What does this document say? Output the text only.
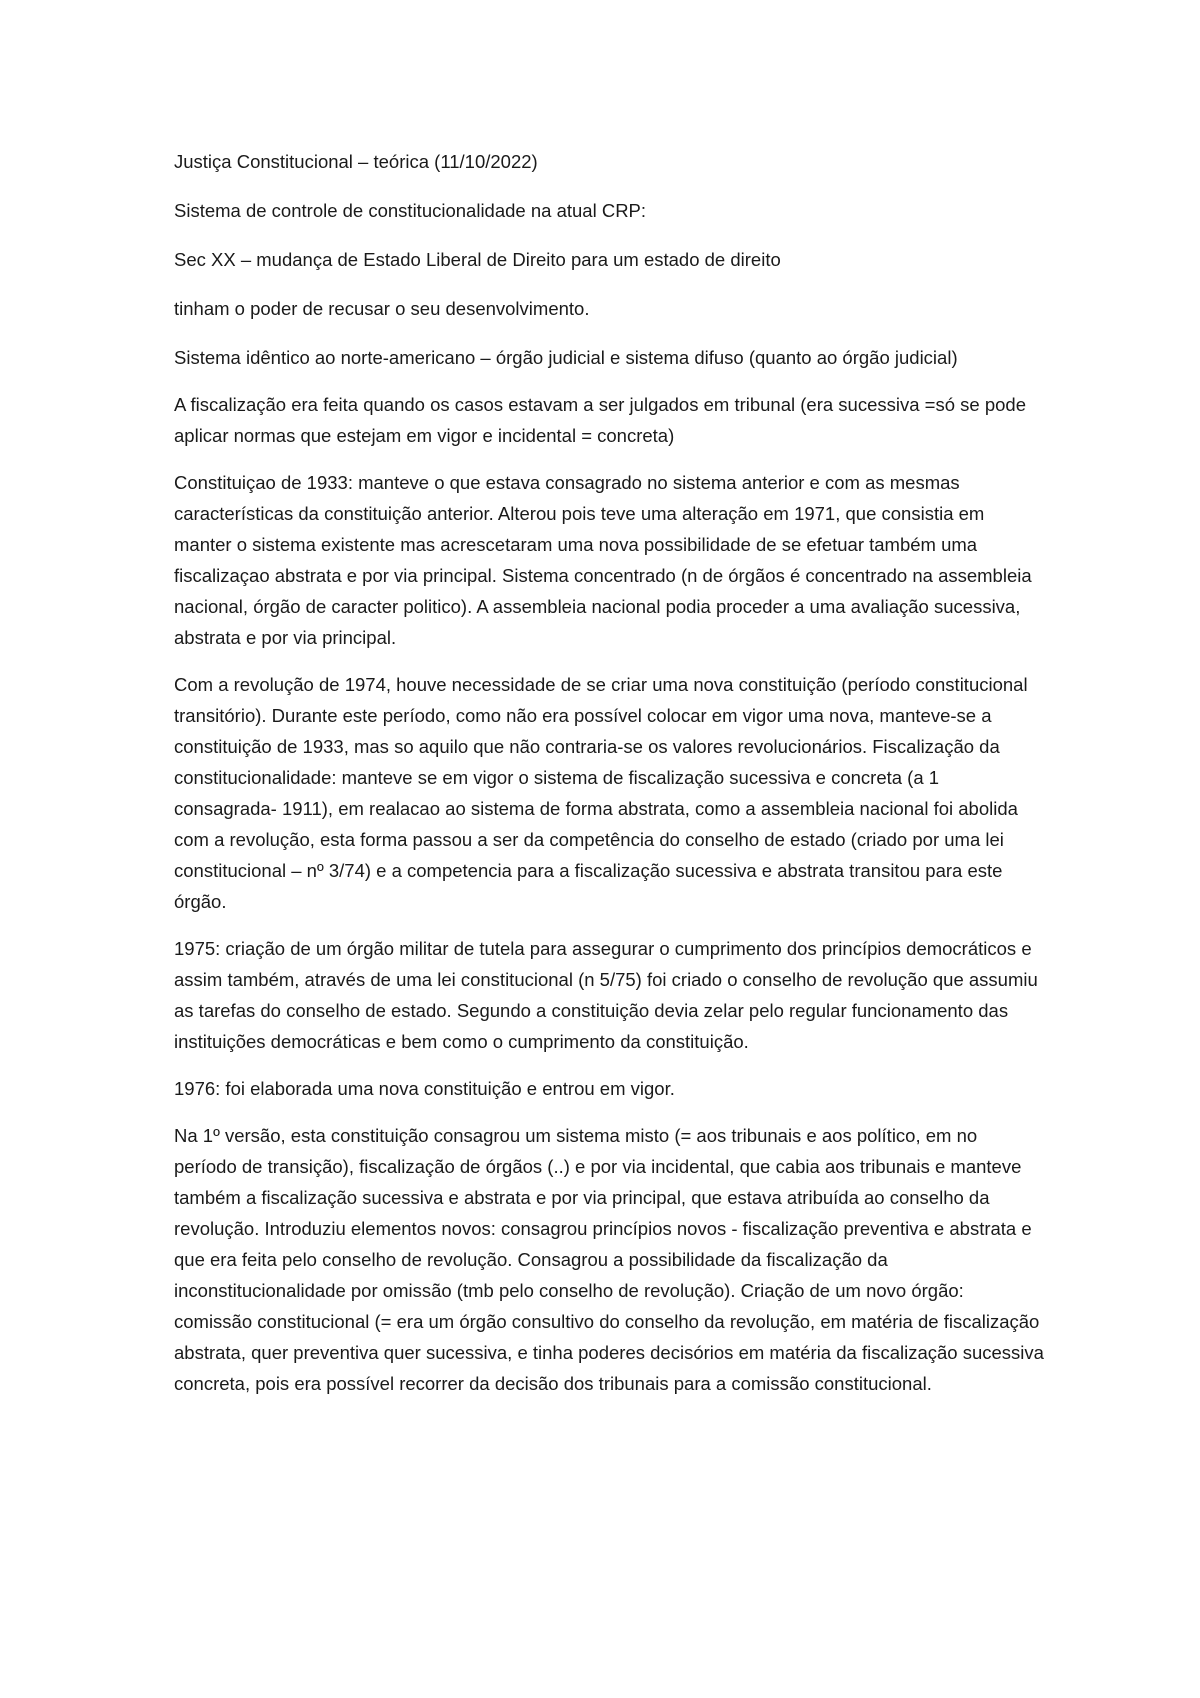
Justiça Constitucional – teórica (11/10/2022)

Sistema de controle de constitucionalidade na atual CRP:

Sec XX – mudança de Estado Liberal de Direito para um estado de direito

tinham o poder de recusar o seu desenvolvimento.

Sistema idêntico ao norte-americano – órgão judicial e sistema difuso (quanto ao órgão judicial)

A fiscalização era feita quando os casos estavam a ser julgados em tribunal (era sucessiva =só se pode aplicar normas que estejam em vigor e incidental = concreta)

Constituiçao de 1933: manteve o que estava consagrado no sistema anterior e com as mesmas características da constituição anterior. Alterou pois teve uma alteração em 1971, que consistia em manter o sistema existente mas acrescetaram uma nova possibilidade de se efetuar também uma fiscalizaçao abstrata e por via principal. Sistema concentrado (n de órgãos é concentrado na assembleia nacional, órgão de caracter politico). A assembleia nacional podia proceder a uma avaliação sucessiva, abstrata e por via principal.

Com a revolução de 1974, houve necessidade de se criar uma nova constituição (período constitucional transitório). Durante este período, como não era possível colocar em vigor uma nova, manteve-se a constituição de 1933, mas so aquilo que não contraria-se os valores revolucionários. Fiscalização da constitucionalidade: manteve se em vigor o sistema de fiscalização sucessiva e concreta (a 1 consagrada- 1911), em realacao ao sistema de forma abstrata, como a assembleia nacional foi abolida com a revolução, esta forma passou a ser da competência do conselho de estado (criado por uma lei constitucional – nº 3/74) e a competencia para a fiscalização sucessiva e abstrata transitou para este órgão.

1975: criação de um órgão militar de tutela para assegurar o cumprimento dos princípios democráticos e assim também, através de uma lei constitucional (n 5/75) foi criado o conselho de revolução que assumiu as tarefas do conselho de estado. Segundo a constituição devia zelar pelo regular funcionamento das instituições democráticas e bem como o cumprimento da constituição.

1976: foi elaborada uma nova constituição e entrou em vigor.

Na 1º versão, esta constituição consagrou um sistema misto (= aos tribunais e aos político, em no período de transição), fiscalização de órgãos (..) e por via incidental, que cabia aos tribunais e manteve também a fiscalização sucessiva e abstrata e por via principal, que estava atribuída ao conselho da revolução. Introduziu elementos novos: consagrou princípios novos - fiscalização preventiva e abstrata e que era feita pelo conselho de revolução. Consagrou a possibilidade da fiscalização da inconstitucionalidade por omissão (tmb pelo conselho de revolução). Criação de um novo órgão: comissão constitucional (= era um órgão consultivo do conselho da revolução, em matéria de fiscalização abstrata, quer preventiva quer sucessiva, e tinha poderes decisórios em matéria da fiscalização sucessiva concreta, pois era possível recorrer da decisão dos tribunais para a comissão constitucional.
